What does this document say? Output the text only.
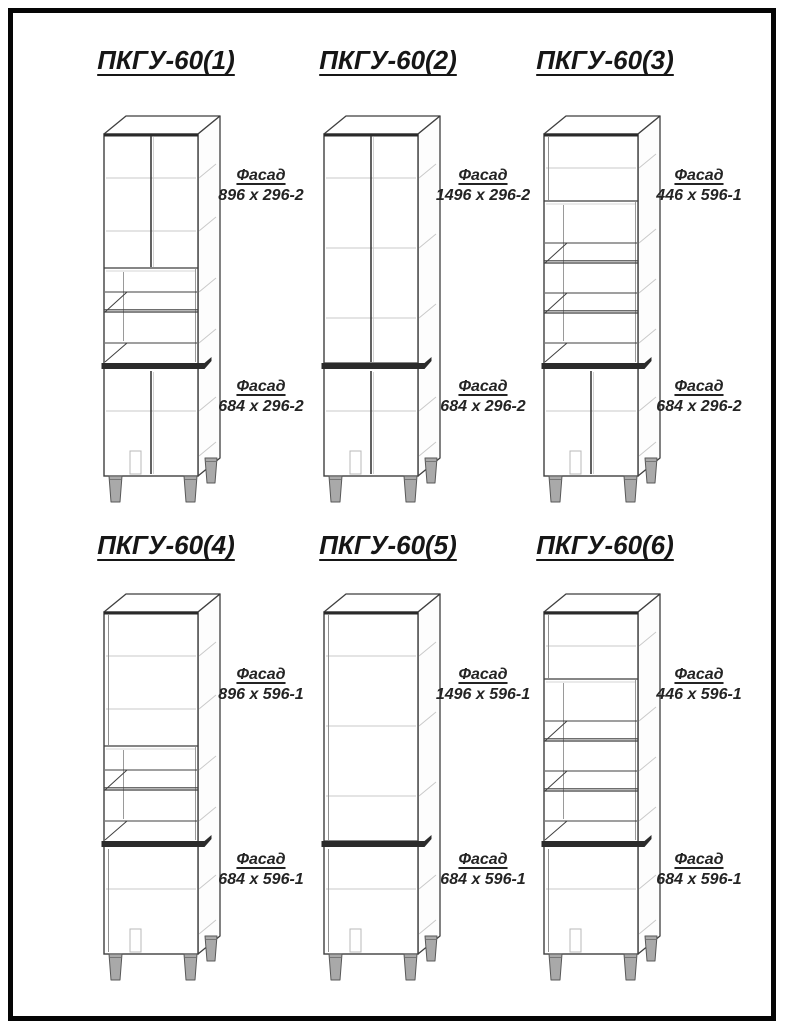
ПКГУ-60(1)	ПКГУ-60(2)	ПКГУ-60(3)
ПКГУ-60(4)	ПКГУ-60(5)	ПКГУ-60(6)
Фасад
896 x 296-2
Фасад
684 x 296-2
Фасад
1496 x 296-2
Фасад
684 x 296-2
Фасад
446 x 596-1
Фасад
684 x 296-2
Фасад
896 x 596-1
Фасад
684 x 596-1
Фасад
1496 x 596-1
Фасад
684 x 596-1
Фасад
446 x 596-1
Фасад
684 x 596-1
